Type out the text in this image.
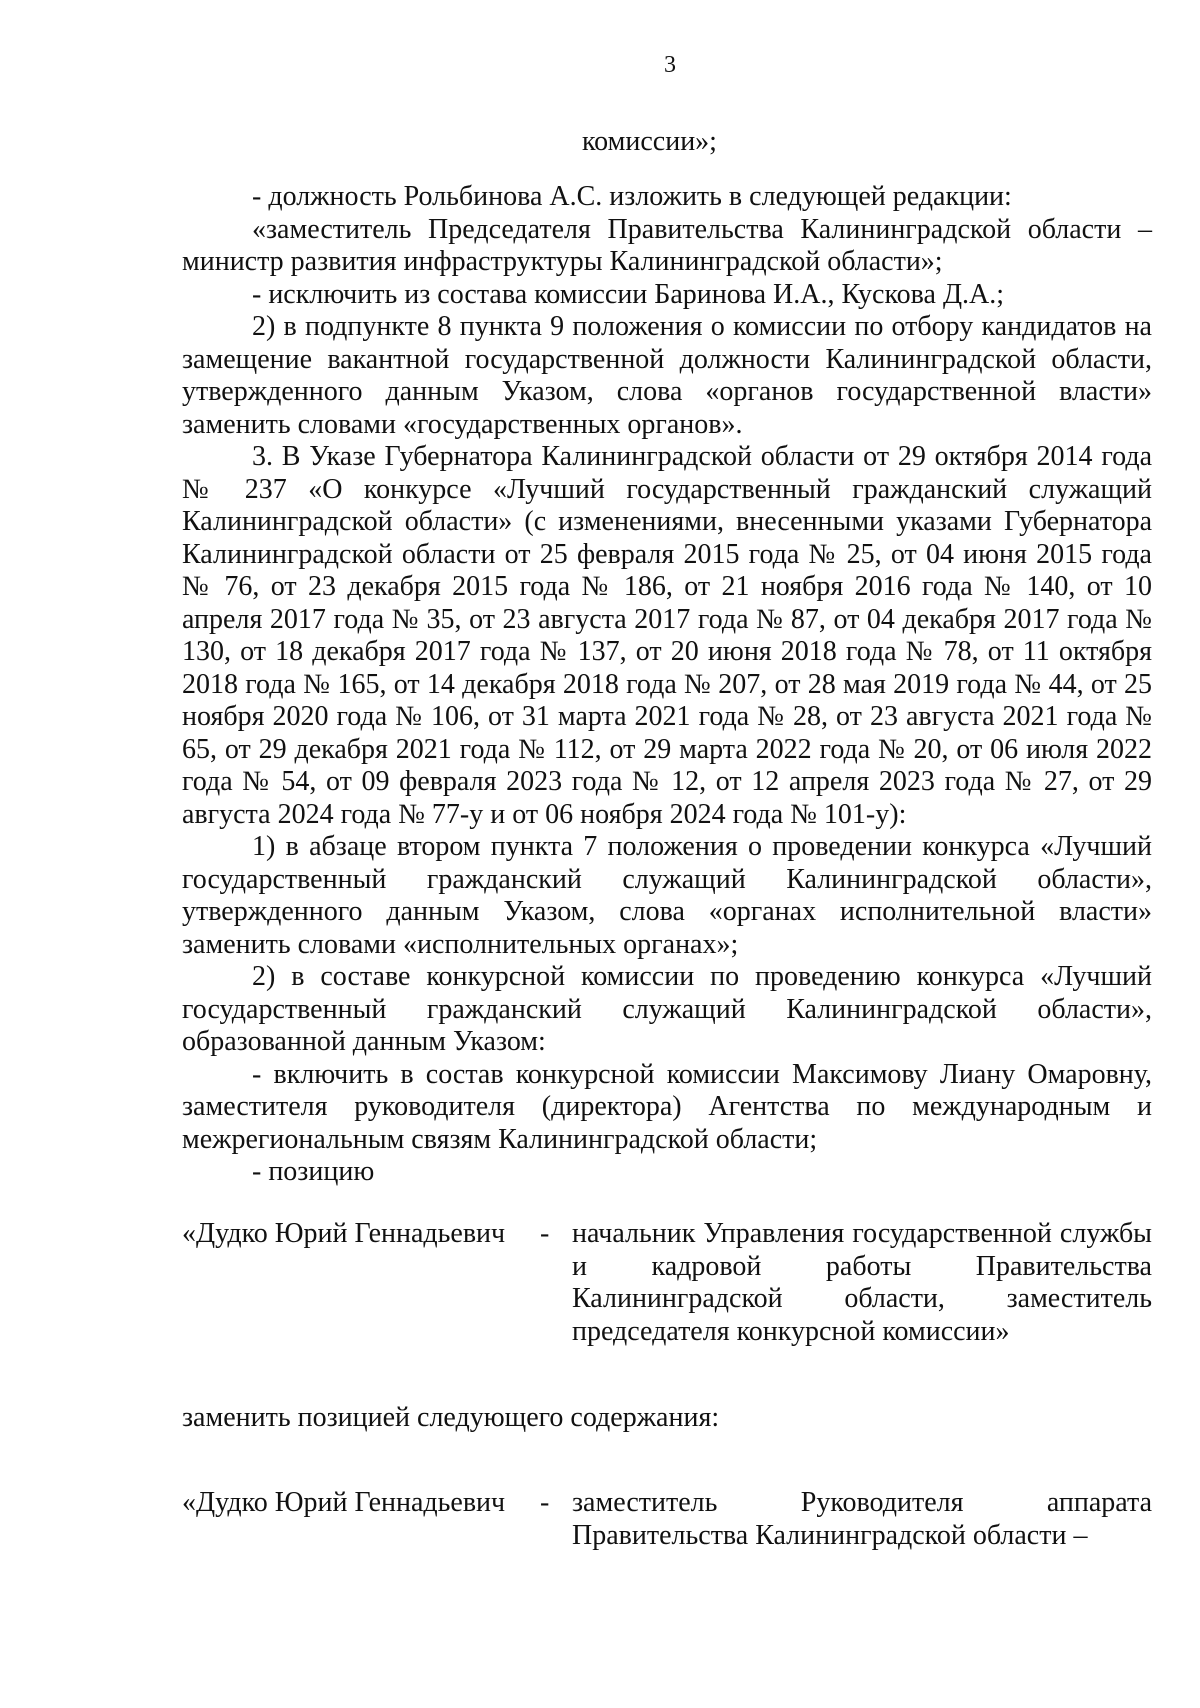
3

комиссии»;

- должность Рольбинова А.С. изложить в следующей редакции:

«заместитель Председателя Правительства Калининградской области – министр развития инфраструктуры Калининградской области»;

- исключить из состава комиссии Баринова И.А., Кускова Д.А.;

2) в подпункте 8 пункта 9 положения о комиссии по отбору кандидатов на замещение вакантной государственной должности Калининградской области, утвержденного данным Указом, слова «органов государственной власти» заменить словами «государственных органов».

3. В Указе Губернатора Калининградской области от 29 октября 2014 года № 237 «О конкурсе «Лучший государственный гражданский служащий Калининградской области» (с изменениями, внесенными указами Губернатора Калининградской области от 25 февраля 2015 года № 25, от 04 июня 2015 года № 76, от 23 декабря 2015 года № 186, от 21 ноября 2016 года № 140, от 10 апреля 2017 года № 35, от 23 августа 2017 года № 87, от 04 декабря 2017 года № 130, от 18 декабря 2017 года № 137, от 20 июня 2018 года № 78, от 11 октября 2018 года № 165, от 14 декабря 2018 года № 207, от 28 мая 2019 года № 44, от 25 ноября 2020 года № 106, от 31 марта 2021 года № 28, от 23 августа 2021 года № 65, от 29 декабря 2021 года № 112, от 29 марта 2022 года № 20, от 06 июля 2022 года № 54, от 09 февраля 2023 года № 12, от 12 апреля 2023 года № 27, от 29 августа 2024 года № 77-у и от 06 ноября 2024 года № 101-у):

1) в абзаце втором пункта 7 положения о проведении конкурса «Лучший государственный гражданский служащий Калининградской области», утвержденного данным Указом, слова «органах исполнительной власти» заменить словами «исполнительных органах»;

2) в составе конкурсной комиссии по проведению конкурса «Лучший государственный гражданский служащий Калининградской области», образованной данным Указом:

- включить в состав конкурсной комиссии Максимову Лиану Омаровну, заместителя руководителя (директора) Агентства по международным и межрегиональным связям Калининградской области;

- позицию

«Дудко Юрий Геннадьевич - начальник Управления государственной службы и кадровой работы Правительства Калининградской области, заместитель председателя конкурсной комиссии»

заменить позицией следующего содержания:

«Дудко Юрий Геннадьевич - заместитель Руководителя аппарата Правительства Калининградской области –
